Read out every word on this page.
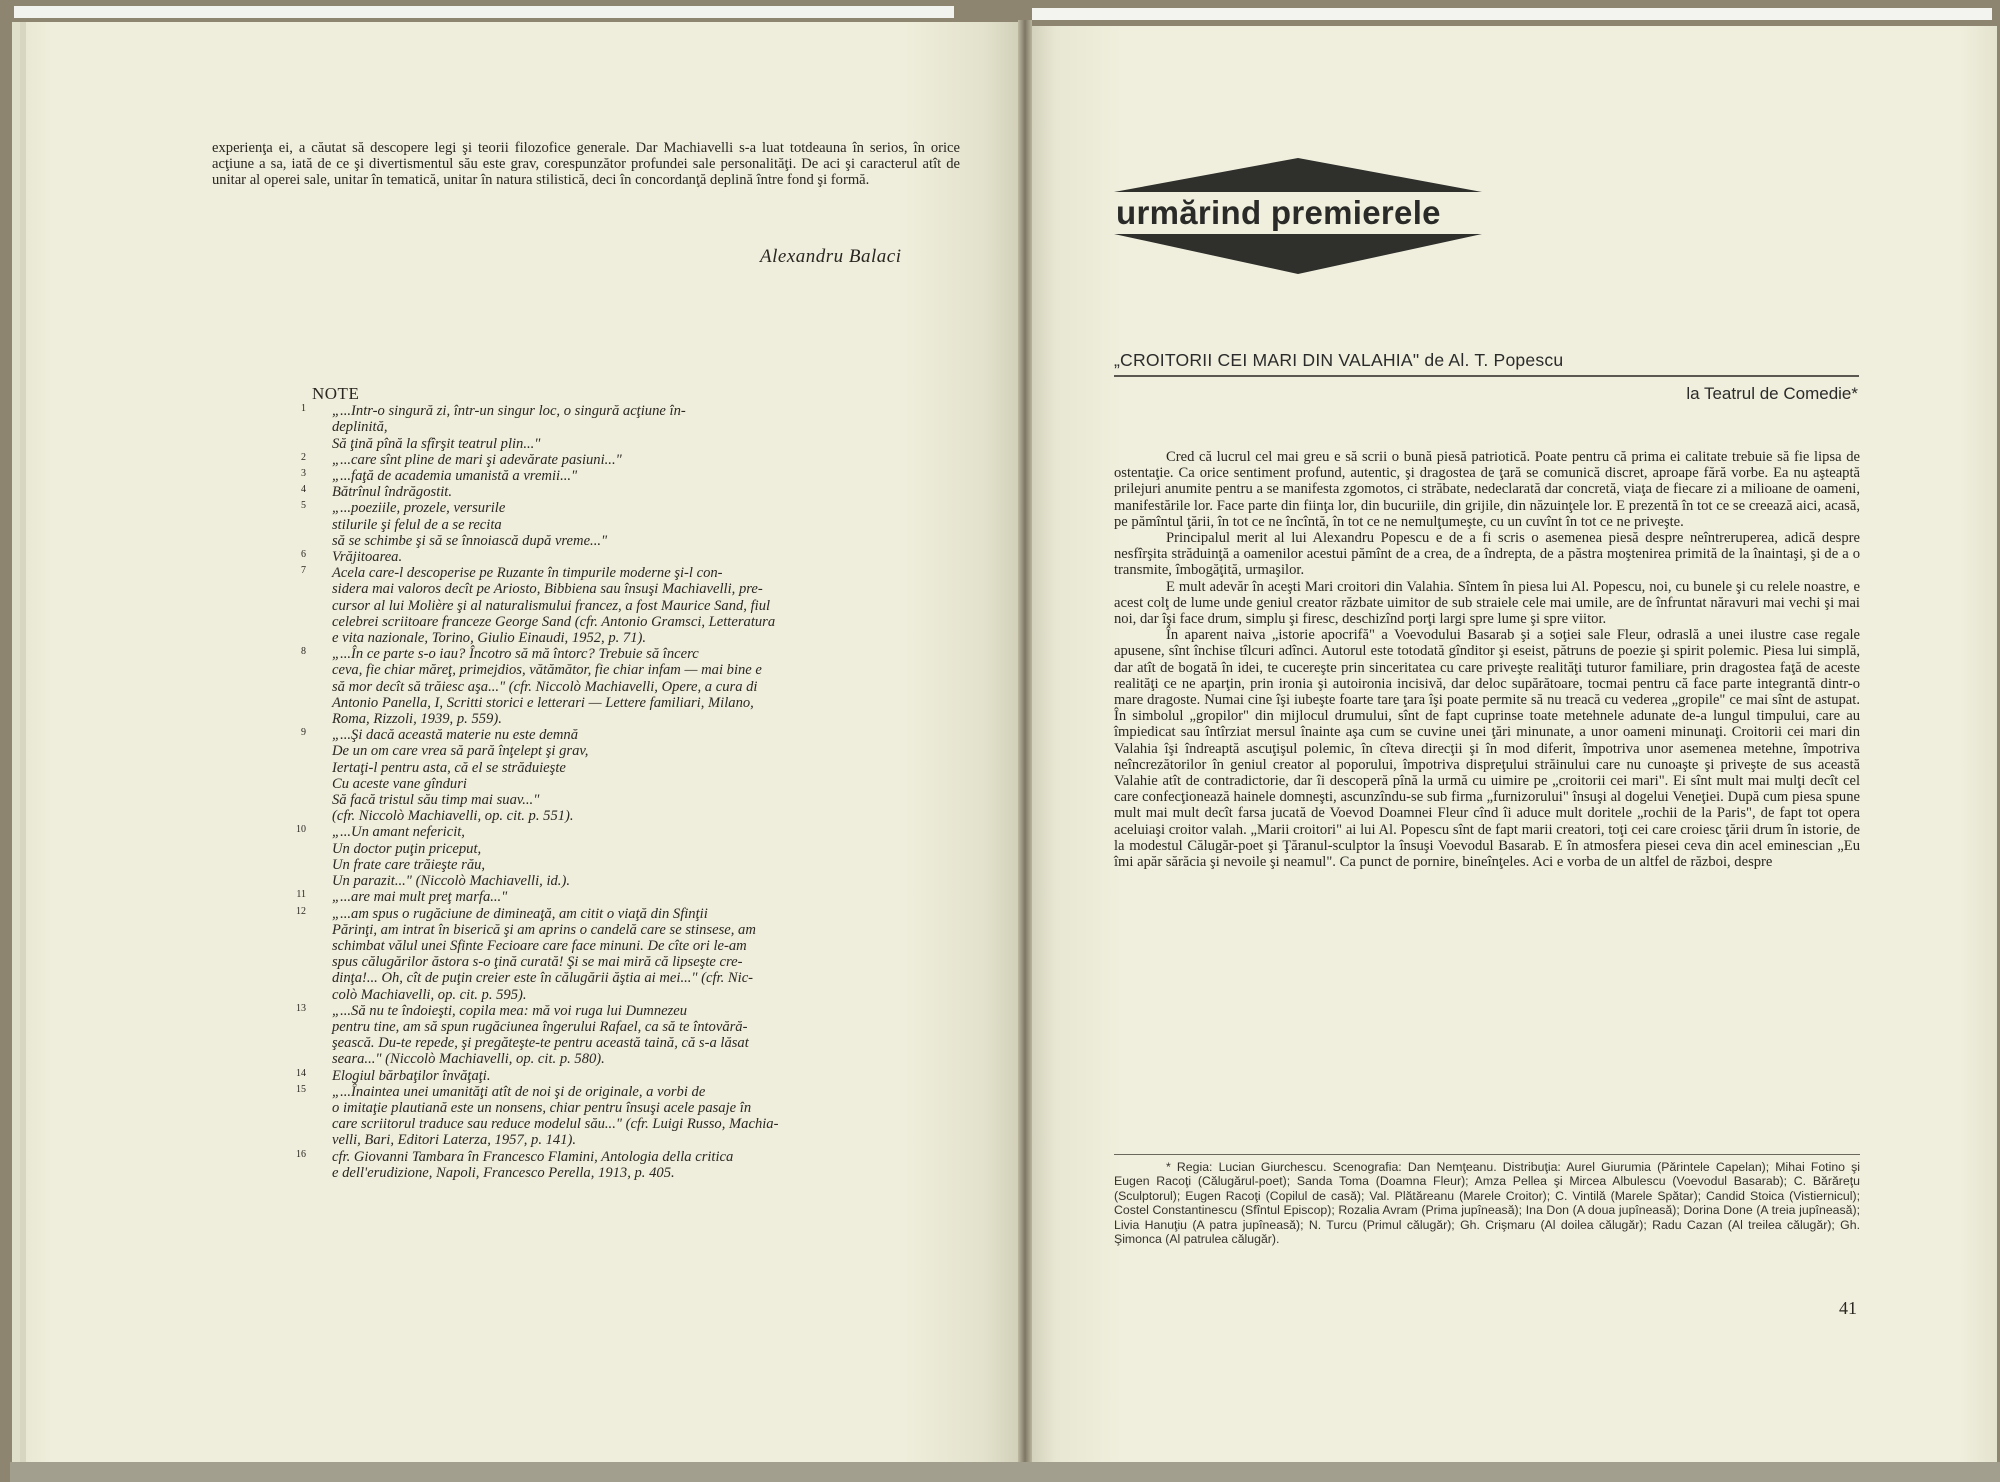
experienţa ei, a căutat să descopere legi şi teorii filozofice generale. Dar Machiavelli s-a luat totdeauna în serios, în orice acţiune a sa, iată de ce şi divertismentul său este grav, corespunzător profundei sale personalităţi. De aci şi caracterul atît de unitar al operei sale, unitar în tematică, unitar în natura stilistică, deci în concordanţă deplină între fond şi formă.

Alexandru Balaci
NOTE
1	„...Intr-o singură zi, într-un singur loc, o singură acţiune în-
deplinită,
Să ţină pînă la sfîrşit teatrul plin..."
2	„...care sînt pline de mari şi adevărate pasiuni..."
3	„...faţă de academia umanistă a vremii..."
4	Bătrînul îndrăgostit.
5	„...poeziile, prozele, versurile
stilurile şi felul de a se recita
să se schimbe şi să se înnoiască după vreme..."
6	Vrăjitoarea.
7	Acela care-l descoperise pe Ruzante în timpurile moderne şi-l con-
sidera mai valoros decît pe Ariosto, Bibbiena sau însuşi Machiavelli, pre-
cursor al lui Molière şi al naturalismului francez, a fost Maurice Sand, fiul
celebrei scriitoare franceze George Sand (cfr. Antonio Gramsci, Letteratura
e vita nazionale, Torino, Giulio Einaudi, 1952, p. 71).
8	„...În ce parte s-o iau? Încotro să mă întorc? Trebuie să încerc
ceva, fie chiar măreţ, primejdios, vătămător, fie chiar infam — mai bine e
să mor decît să trăiesc aşa..." (cfr. Niccolò Machiavelli, Opere, a cura di
Antonio Panella, I, Scritti storici e letterari — Lettere familiari, Milano,
Roma, Rizzoli, 1939, p. 559).
9	„...Şi dacă această materie nu este demnă
De un om care vrea să pară înţelept şi grav,
Iertaţi-l pentru asta, că el se străduieşte
Cu aceste vane gînduri
Să facă tristul său timp mai suav..."
(cfr. Niccolò Machiavelli, op. cit. p. 551).
10	„...Un amant nefericit,
Un doctor puţin priceput,
Un frate care trăieşte rău,
Un parazit..." (Niccolò Machiavelli, id.).
11	„...are mai mult preţ marfa..."
12	„...am spus o rugăciune de dimineaţă, am citit o viaţă din Sfinţii
Părinţi, am intrat în biserică şi am aprins o candelă care se stinsese, am
schimbat vălul unei Sfinte Fecioare care face minuni. De cîte ori le-am
spus călugărilor ăstora s-o ţină curată! Şi se mai miră că lipseşte cre-
dinţa!... Oh, cît de puţin creier este în călugării ăştia ai mei..." (cfr. Nic-
colò Machiavelli, op. cit. p. 595).
13	„...Să nu te îndoieşti, copila mea: mă voi ruga lui Dumnezeu
pentru tine, am să spun rugăciunea îngerului Rafael, ca să te întovără-
şească. Du-te repede, şi pregăteşte-te pentru această taină, că s-a lăsat
seara..." (Niccolò Machiavelli, op. cit. p. 580).
14	Elogiul bărbaţilor învăţaţi.
15	„...Înaintea unei umanităţi atît de noi şi de originale, a vorbi de
o imitaţie plautiană este un nonsens, chiar pentru însuşi acele pasaje în
care scriitorul traduce sau reduce modelul său..." (cfr. Luigi Russo, Machia-
velli, Bari, Editori Laterza, 1957, p. 141).
16	cfr. Giovanni Tambara în Francesco Flamini, Antologia della critica
e dell'erudizione, Napoli, Francesco Perella, 1913, p. 405.
urmărind premierele
„CROITORII CEI MARI DIN VALAHIA" de Al. T. Popescu
la Teatrul de Comedie*

Cred că lucrul cel mai greu e să scrii o bună piesă patriotică. Poate pentru că prima ei calitate trebuie să fie lipsa de ostentaţie. Ca orice sentiment profund, autentic, şi dragostea de ţară se comunică discret, aproape fără vorbe. Ea nu aşteaptă prilejuri anumite pentru a se manifesta zgomotos, ci străbate, nedeclarată dar concretă, viaţa de fiecare zi a milioane de oameni, manifestările lor. Face parte din fiinţa lor, din bucuriile, din grijile, din năzuinţele lor. E prezentă în tot ce se creează aici, acasă, pe pămîntul ţării, în tot ce ne încîntă, în tot ce ne nemulţumeşte, cu un cuvînt în tot ce ne priveşte.

Principalul merit al lui Alexandru Popescu e de a fi scris o asemenea piesă despre neîntreruperea, adică despre nesfîrşita străduinţă a oamenilor acestui pămînt de a crea, de a îndrepta, de a păstra moştenirea primită de la înaintaşi, şi de a o transmite, îmbogăţită, urmaşilor.

E mult adevăr în aceşti Mari croitori din Valahia. Sîntem în piesa lui Al. Popescu, noi, cu bunele şi cu relele noastre, e acest colţ de lume unde geniul creator răzbate uimitor de sub straiele cele mai umile, are de înfruntat năravuri mai vechi şi mai noi, dar îşi face drum, simplu şi firesc, deschizînd porţi largi spre lume şi spre viitor.

În aparent naiva „istorie apocrifă" a Voevodului Basarab şi a soţiei sale Fleur, odraslă a unei ilustre case regale apusene, sînt închise tîlcuri adînci. Autorul este totodată gînditor şi eseist, pătruns de poezie şi spirit polemic. Piesa lui simplă, dar atît de bogată în idei, te cucereşte prin sinceritatea cu care priveşte realităţi tuturor familiare, prin dragostea faţă de aceste realităţi ce ne aparţin, prin ironia şi autoironia incisivă, dar deloc supărătoare, tocmai pentru că face parte integrantă dintr-o mare dragoste. Numai cine îşi iubeşte foarte tare ţara îşi poate permite să nu treacă cu vederea „gropile" ce mai sînt de astupat. În simbolul „gropilor" din mijlocul drumului, sînt de fapt cuprinse toate metehnele adunate de-a lungul timpului, care au împiedicat sau întîrziat mersul înainte aşa cum se cuvine unei ţări minunate, a unor oameni minunaţi. Croitorii cei mari din Valahia îşi îndreaptă ascuţişul polemic, în cîteva direcţii şi în mod diferit, împotriva unor asemenea metehne, împotriva neîncrezătorilor în geniul creator al poporului, împotriva dispreţului străinului care nu cunoaşte şi priveşte de sus această Valahie atît de contradictorie, dar îi descoperă pînă la urmă cu uimire pe „croitorii cei mari". Ei sînt mult mai mulţi decît cel care confecţionează hainele domneşti, ascunzîndu-se sub firma „furnizorului" însuşi al dogelui Veneţiei. După cum piesa spune mult mai mult decît farsa jucată de Voevod Doamnei Fleur cînd îi aduce mult doritele „rochii de la Paris", de fapt tot opera aceluiaşi croitor valah. „Marii croitori" ai lui Al. Popescu sînt de fapt marii creatori, toţi cei care croiesc ţării drum în istorie, de la modestul Călugăr-poet şi Ţăranul-sculptor la însuşi Voevodul Basarab. E în atmosfera piesei ceva din acel eminescian „Eu îmi apăr sărăcia şi nevoile şi neamul". Ca punct de pornire, bineînţeles. Aci e vorba de un altfel de război, despre

* Regia: Lucian Giurchescu. Scenografia: Dan Nemţeanu. Distribuţia: Aurel Giurumia (Părintele Capelan); Mihai Fotino şi Eugen Racoţi (Călugărul-poet); Sanda Toma (Doamna Fleur); Amza Pellea şi Mircea Albulescu (Voevodul Basarab); C. Bărăreţu (Sculptorul); Eugen Racoţi (Copilul de casă); Val. Plătăreanu (Marele Croitor); C. Vintilă (Marele Spătar); Candid Stoica (Vistiernicul); Costel Constantinescu (Sfîntul Episcop); Rozalia Avram (Prima jupîneasă); Ina Don (A doua jupîneasă); Dorina Done (A treia jupîneasă); Livia Hanuţiu (A patra jupîneasă); N. Turcu (Primul călugăr); Gh. Crişmaru (Al doilea călugăr); Radu Cazan (Al treilea călugăr); Gh. Şimonca (Al patrulea călugăr).

41
